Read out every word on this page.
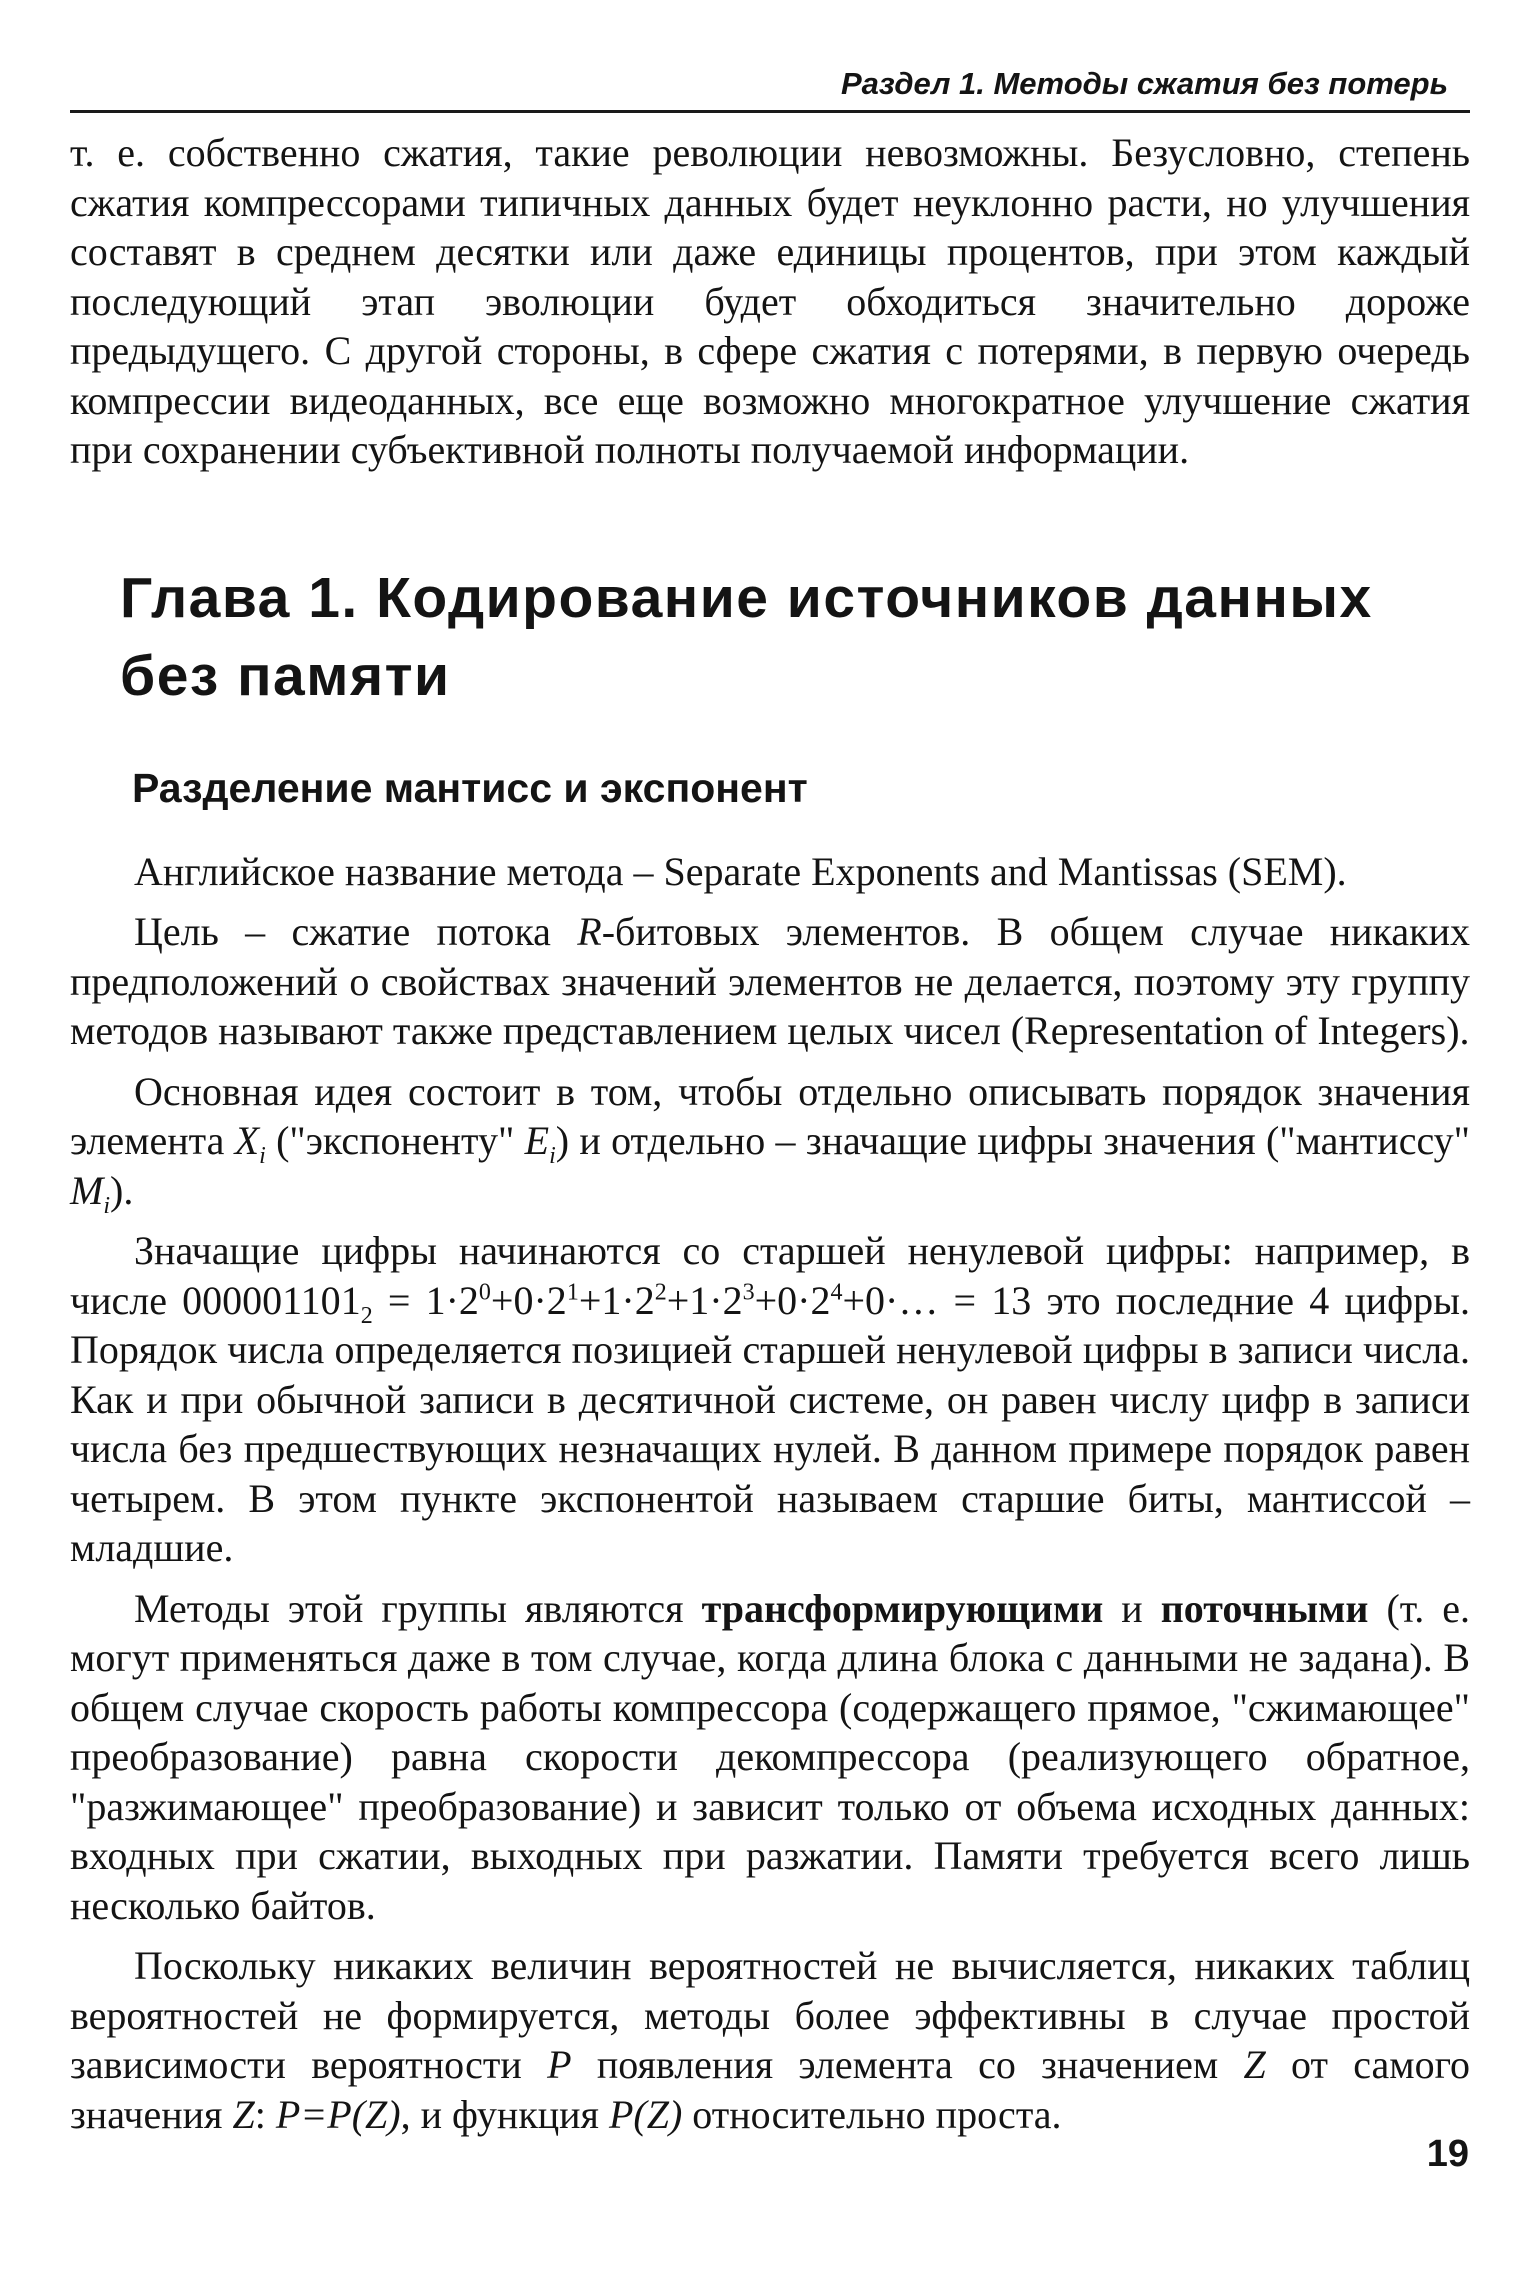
Раздел 1. Методы сжатия без потерь

т. е. собственно сжатия, такие революции невозможны. Безусловно, степень сжатия компрессорами типичных данных будет неуклонно расти, но улучшения составят в среднем десятки или даже единицы процентов, при этом каждый последующий этап эволюции будет обходиться значительно дороже предыдущего. С другой стороны, в сфере сжатия с потерями, в первую очередь компрессии видеоданных, все еще возможно многократное улучшение сжатия при сохранении субъективной полноты получаемой информации.

Глава 1. Кодирование источников данных без памяти
Разделение мантисс и экспонент

Английское название метода – Separate Exponents and Mantissas (SEM).

Цель – сжатие потока R-битовых элементов. В общем случае никаких предположений о свойствах значений элементов не делается, поэтому эту группу методов называют также представлением целых чисел (Representation of Integers).

Основная идея состоит в том, чтобы отдельно описывать порядок значения элемента $X_i$ ("экспоненту" $E_i$) и отдельно – значащие цифры значения ("мантиссу" $M_i$).

Значащие цифры начинаются со старшей ненулевой цифры: например, в числе $000001101_2$ = $1\cdot 2^0+0\cdot 2^1+1\cdot 2^2+1\cdot 2^3+0\cdot 2^4+0\cdot\dots = 13$ это последние 4 цифры. Порядок числа определяется позицией старшей ненулевой цифры в записи числа. Как и при обычной записи в десятичной системе, он равен числу цифр в записи числа без предшествующих незначащих нулей. В данном примере порядок равен четырем. В этом пункте экспонентой называем старшие биты, мантиссой – младшие.

Методы этой группы являются трансформирующими и поточными (т. е. могут применяться даже в том случае, когда длина блока с данными не задана). В общем случае скорость работы компрессора (содержащего прямое, "сжимающее" преобразование) равна скорости декомпрессора (реализующего обратное, "разжимающее" преобразование) и зависит только от объема исходных данных: входных при сжатии, выходных при разжатии. Памяти требуется всего лишь несколько байтов.

Поскольку никаких величин вероятностей не вычисляется, никаких таблиц вероятностей не формируется, методы более эффективны в случае простой зависимости вероятности P появления элемента со значением Z от самого значения Z: P=P(Z), и функция P(Z) относительно проста.

19
